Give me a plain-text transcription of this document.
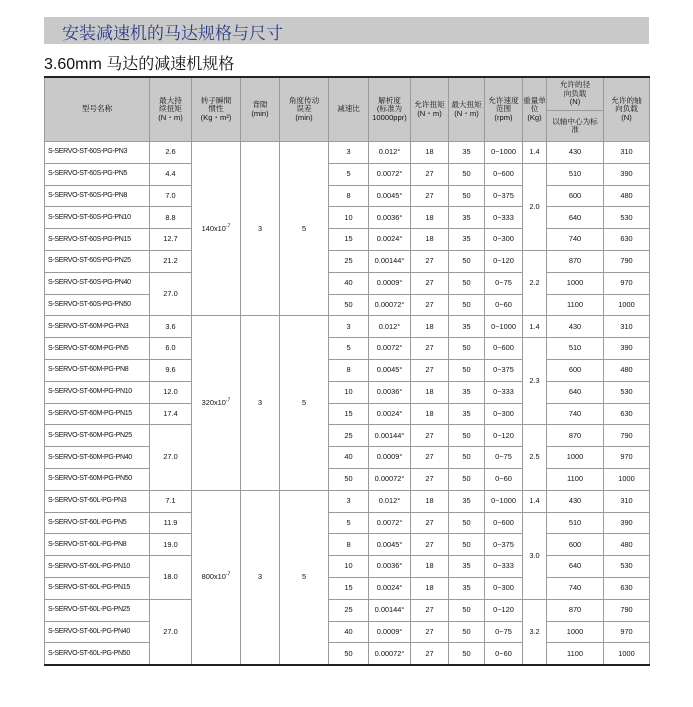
安装减速机的马达规格与尺寸
3.60mm 马达的减速机规格
型号名称	最大持
续扭矩
(N・m)	转子瞬間
惯性
(Kg・m²)	背隙
(min)	角度传动
误差
(min)	减速比	解析度
(标准为
10000ppr)	允许扭矩
(N・m)	最大扭矩
(N・m)	允许速度
范围
(rpm)	重量单
位
(Kg)	允许的径
向负载
(N)	允许的轴
向负载
(N)

											以轴中心为标
准	

S-SERVO-ST-60S-PG-PN3	2.6	$140x10^{-7}$	3	5	3	0.012°	18	35	0~1000	1.4	430	310
S-SERVO-ST-60S-PG-PN5	4.4				5	0.0072°	27	50	0~600	2.0	510	390
S-SERVO-ST-60S-PG-PN8	7.0				8	0.0045°	27	50	0~375		600	480
S-SERVO-ST-60S-PG-PN10	8.8				10	0.0036°	18	35	0~333		640	530
S-SERVO-ST-60S-PG-PN15	12.7				15	0.0024°	18	35	0~300		740	630
S-SERVO-ST-60S-PG-PN25	21.2				25	0.00144°	27	50	0~120	2.2	870	790
S-SERVO-ST-60S-PG-PN40	27.0				40	0.0009°	27	50	0~75		1000	970
S-SERVO-ST-60S-PG-PN50					50	0.00072°	27	50	0~60		1100	1000
S-SERVO-ST-60M-PG-PN3	3.6	$320x10^{-7}$	3	5	3	0.012°	18	35	0~1000	1.4	430	310
S-SERVO-ST-60M-PG-PN5	6.0				5	0.0072°	27	50	0~600	2.3	510	390
S-SERVO-ST-60M-PG-PN8	9.6				8	0.0045°	27	50	0~375		600	480
S-SERVO-ST-60M-PG-PN10	12.0				10	0.0036°	18	35	0~333		640	530
S-SERVO-ST-60M-PG-PN15	17.4				15	0.0024°	18	35	0~300		740	630
S-SERVO-ST-60M-PG-PN25	27.0				25	0.00144°	27	50	0~120	2.5	870	790
S-SERVO-ST-60M-PG-PN40					40	0.0009°	27	50	0~75		1000	970
S-SERVO-ST-60M-PG-PN50					50	0.00072°	27	50	0~60		1100	1000
S-SERVO-ST-60L-PG-PN3	7.1	$800x10^{-7}$	3	5	3	0.012°	18	35	0~1000	1.4	430	310
S-SERVO-ST-60L-PG-PN5	11.9				5	0.0072°	27	50	0~600	3.0	510	390
S-SERVO-ST-60L-PG-PN8	19.0				8	0.0045°	27	50	0~375		600	480
S-SERVO-ST-60L-PG-PN10	18.0				10	0.0036°	18	35	0~333		640	530
S-SERVO-ST-60L-PG-PN15					15	0.0024°	18	35	0~300		740	630
S-SERVO-ST-60L-PG-PN25	27.0				25	0.00144°	27	50	0~120	3.2	870	790
S-SERVO-ST-60L-PG-PN40					40	0.0009°	27	50	0~75		1000	970
S-SERVO-ST-60L-PG-PN50					50	0.00072°	27	50	0~60		1100	1000
